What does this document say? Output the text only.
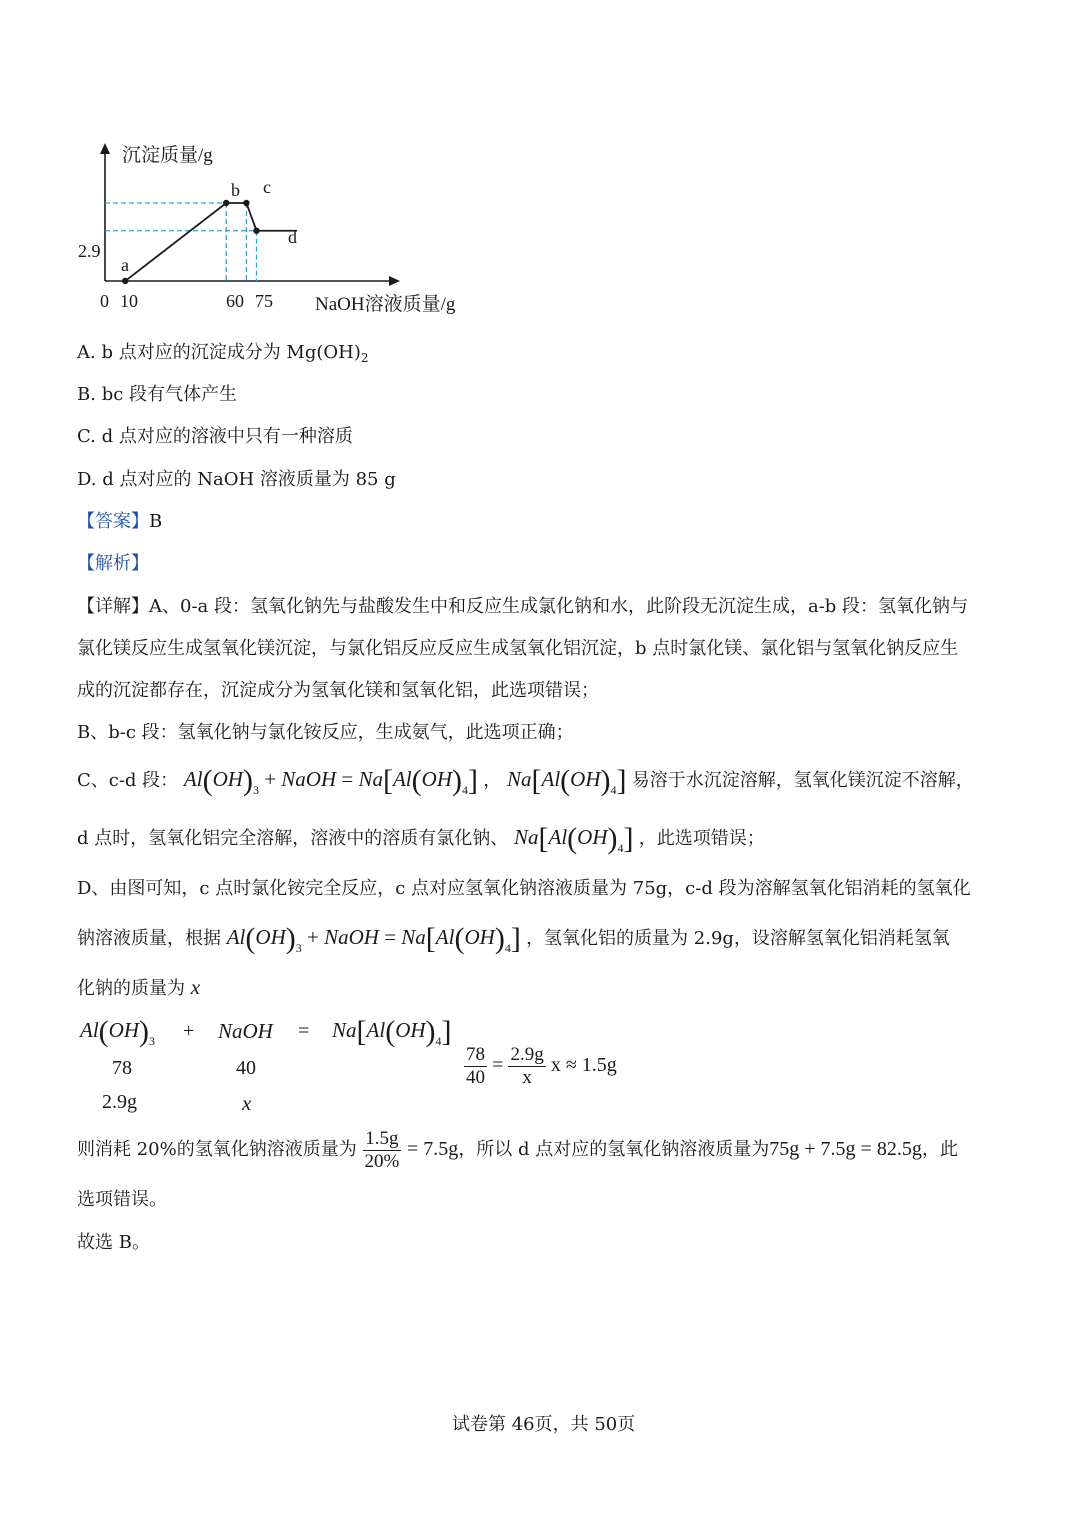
沉淀质量/g
NaOH溶液质量/g
0 10	60 75
2.9
a
b c
d
A. b 点对应的沉淀成分为 $Mg(OH)_2$
B. bc 段有气体产生
C. d 点对应的溶液中只有一种溶质
D. d 点对应的 NaOH 溶液质量为 85 g
【答案】B
【解析】
【详解】A、0-a 段：氢氧化钠先与盐酸发生中和反应生成氯化钠和水，此阶段无沉淀生成，a-b 段：氢氧化钠与
氯化镁反应生成氢氧化镁沉淀，与氯化铝反应反应生成氢氧化铝沉淀，b 点时氯化镁、氯化铝与氢氧化钠反应生
成的沉淀都存在，沉淀成分为氢氧化镁和氢氧化铝，此选项错误；
B、b-c 段：氢氧化钠与氯化铵反应，生成氨气，此选项正确；
C、c-d 段： $Al(OH)_3$ + NaOH = $Na[Al(OH)_4]$ ， $Na[Al(OH)_4]$ 易溶于水沉淀溶解，氢氧化镁沉淀不溶解，
d 点时，氢氧化铝完全溶解，溶液中的溶质有氯化钠、 $Na[Al(OH)_4]$ ，此选项错误；
D、由图可知，c 点时氯化铵完全反应，c 点对应氢氧化钠溶液质量为 75g，c-d 段为溶解氢氧化铝消耗的氢氧化
钠溶液质量，根据 $Al(OH)_3$ + NaOH = $Na[Al(OH)_4]$ ，氢氧化铝的质量为 2.9g，设溶解氢氧化铝消耗氢氧
化钠的质量为 x
$Al(OH)_3$ + NaOH = $Na[Al(OH)_4]$
78	40
2.9g	x
$\frac{78}{40} = \frac{2.9g}{x}$ x ≈ 1.5g
则消耗 20%的氢氧化钠溶液质量为 $\frac{1.5g}{20\%} = 7.5g$，所以 d 点对应的氢氧化钠溶液质量为75g + 7.5g = 82.5g，此
选项错误。
故选 B。
试卷第 46页，共 50页
